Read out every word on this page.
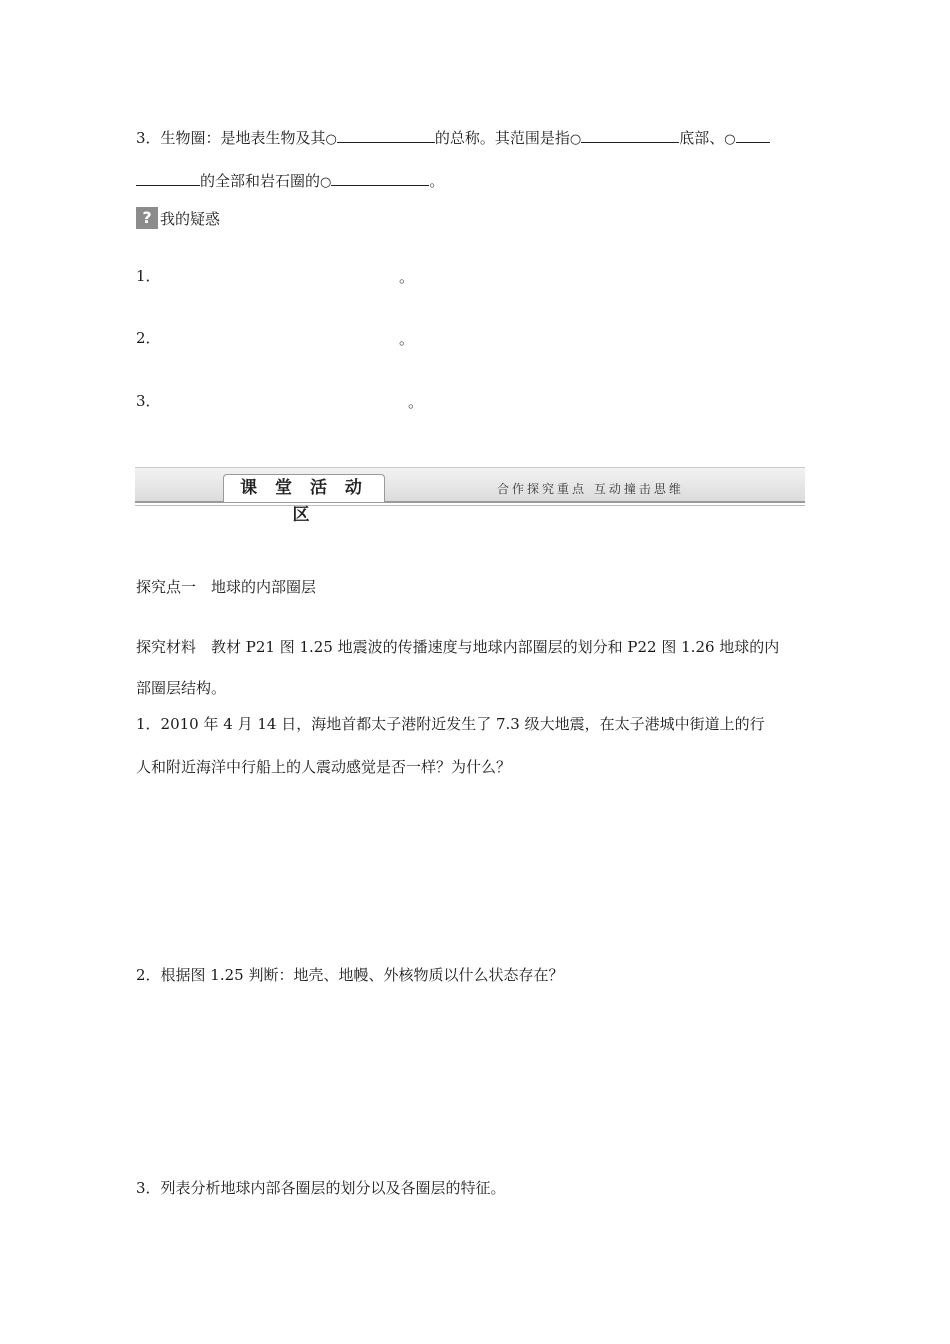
3．生物圈：是地表生物及其○	的总称。其范围是指○	底部、○
的全部和岩石圈的○	。
? 我的疑惑
1．	。
2．	。
3．	。
课 堂 活 动 区
合作探究重点 互动撞击思维
探究点一　地球的内部圈层
探究材料　教材 P21 图 1.25 地震波的传播速度与地球内部圈层的划分和 P22 图 1.26 地球的内
部圈层结构。
1．2010 年 4 月 14 日，海地首都太子港附近发生了 7.3 级大地震，在太子港城中街道上的行
人和附近海洋中行船上的人震动感觉是否一样？为什么？
2．根据图 1.25 判断：地壳、地幔、外核物质以什么状态存在？
3．列表分析地球内部各圈层的划分以及各圈层的特征。
